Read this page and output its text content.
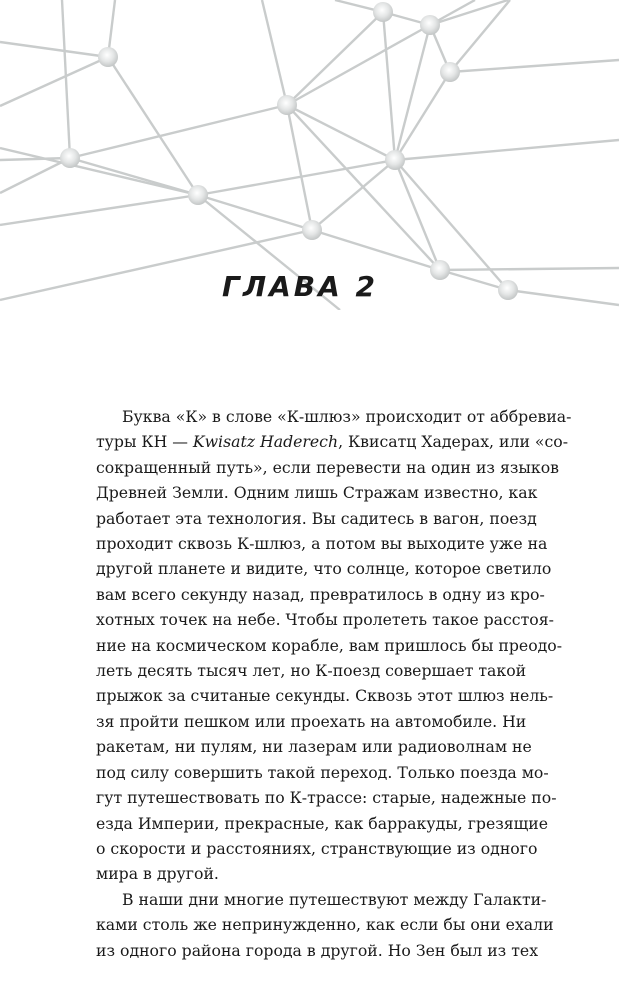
ГЛАВА 2
Буква «К» в слове «К-шлюз» происходит от аббревиа-
туры КН — Kwisatz Haderech, Квисатц Хадерах, или «со-
сокращенный путь», если перевести на один из языков
Древней Земли. Одним лишь Стражам известно, как
работает эта технология. Вы садитесь в вагон, поезд
проходит сквозь К-шлюз, а потом вы выходите уже на
другой планете и видите, что солнце, которое светило
вам всего секунду назад, превратилось в одну из кро-
хотных точек на небе. Чтобы пролететь такое расстоя-
ние на космическом корабле, вам пришлось бы преодо-
леть десять тысяч лет, но К-поезд совершает такой
прыжок за считаные секунды. Сквозь этот шлюз нель-
зя пройти пешком или проехать на автомобиле. Ни
ракетам, ни пулям, ни лазерам или радиоволнам не
под силу совершить такой переход. Только поезда мо-
гут путешествовать по К-трассе: старые, надежные по-
езда Империи, прекрасные, как барракуды, грезящие
о скорости и расстояниях, странствующие из одного
мира в другой.
В наши дни многие путешествуют между Галакти-
ками столь же непринужденно, как если бы они ехали
из одного района города в другой. Но Зен был из тех
